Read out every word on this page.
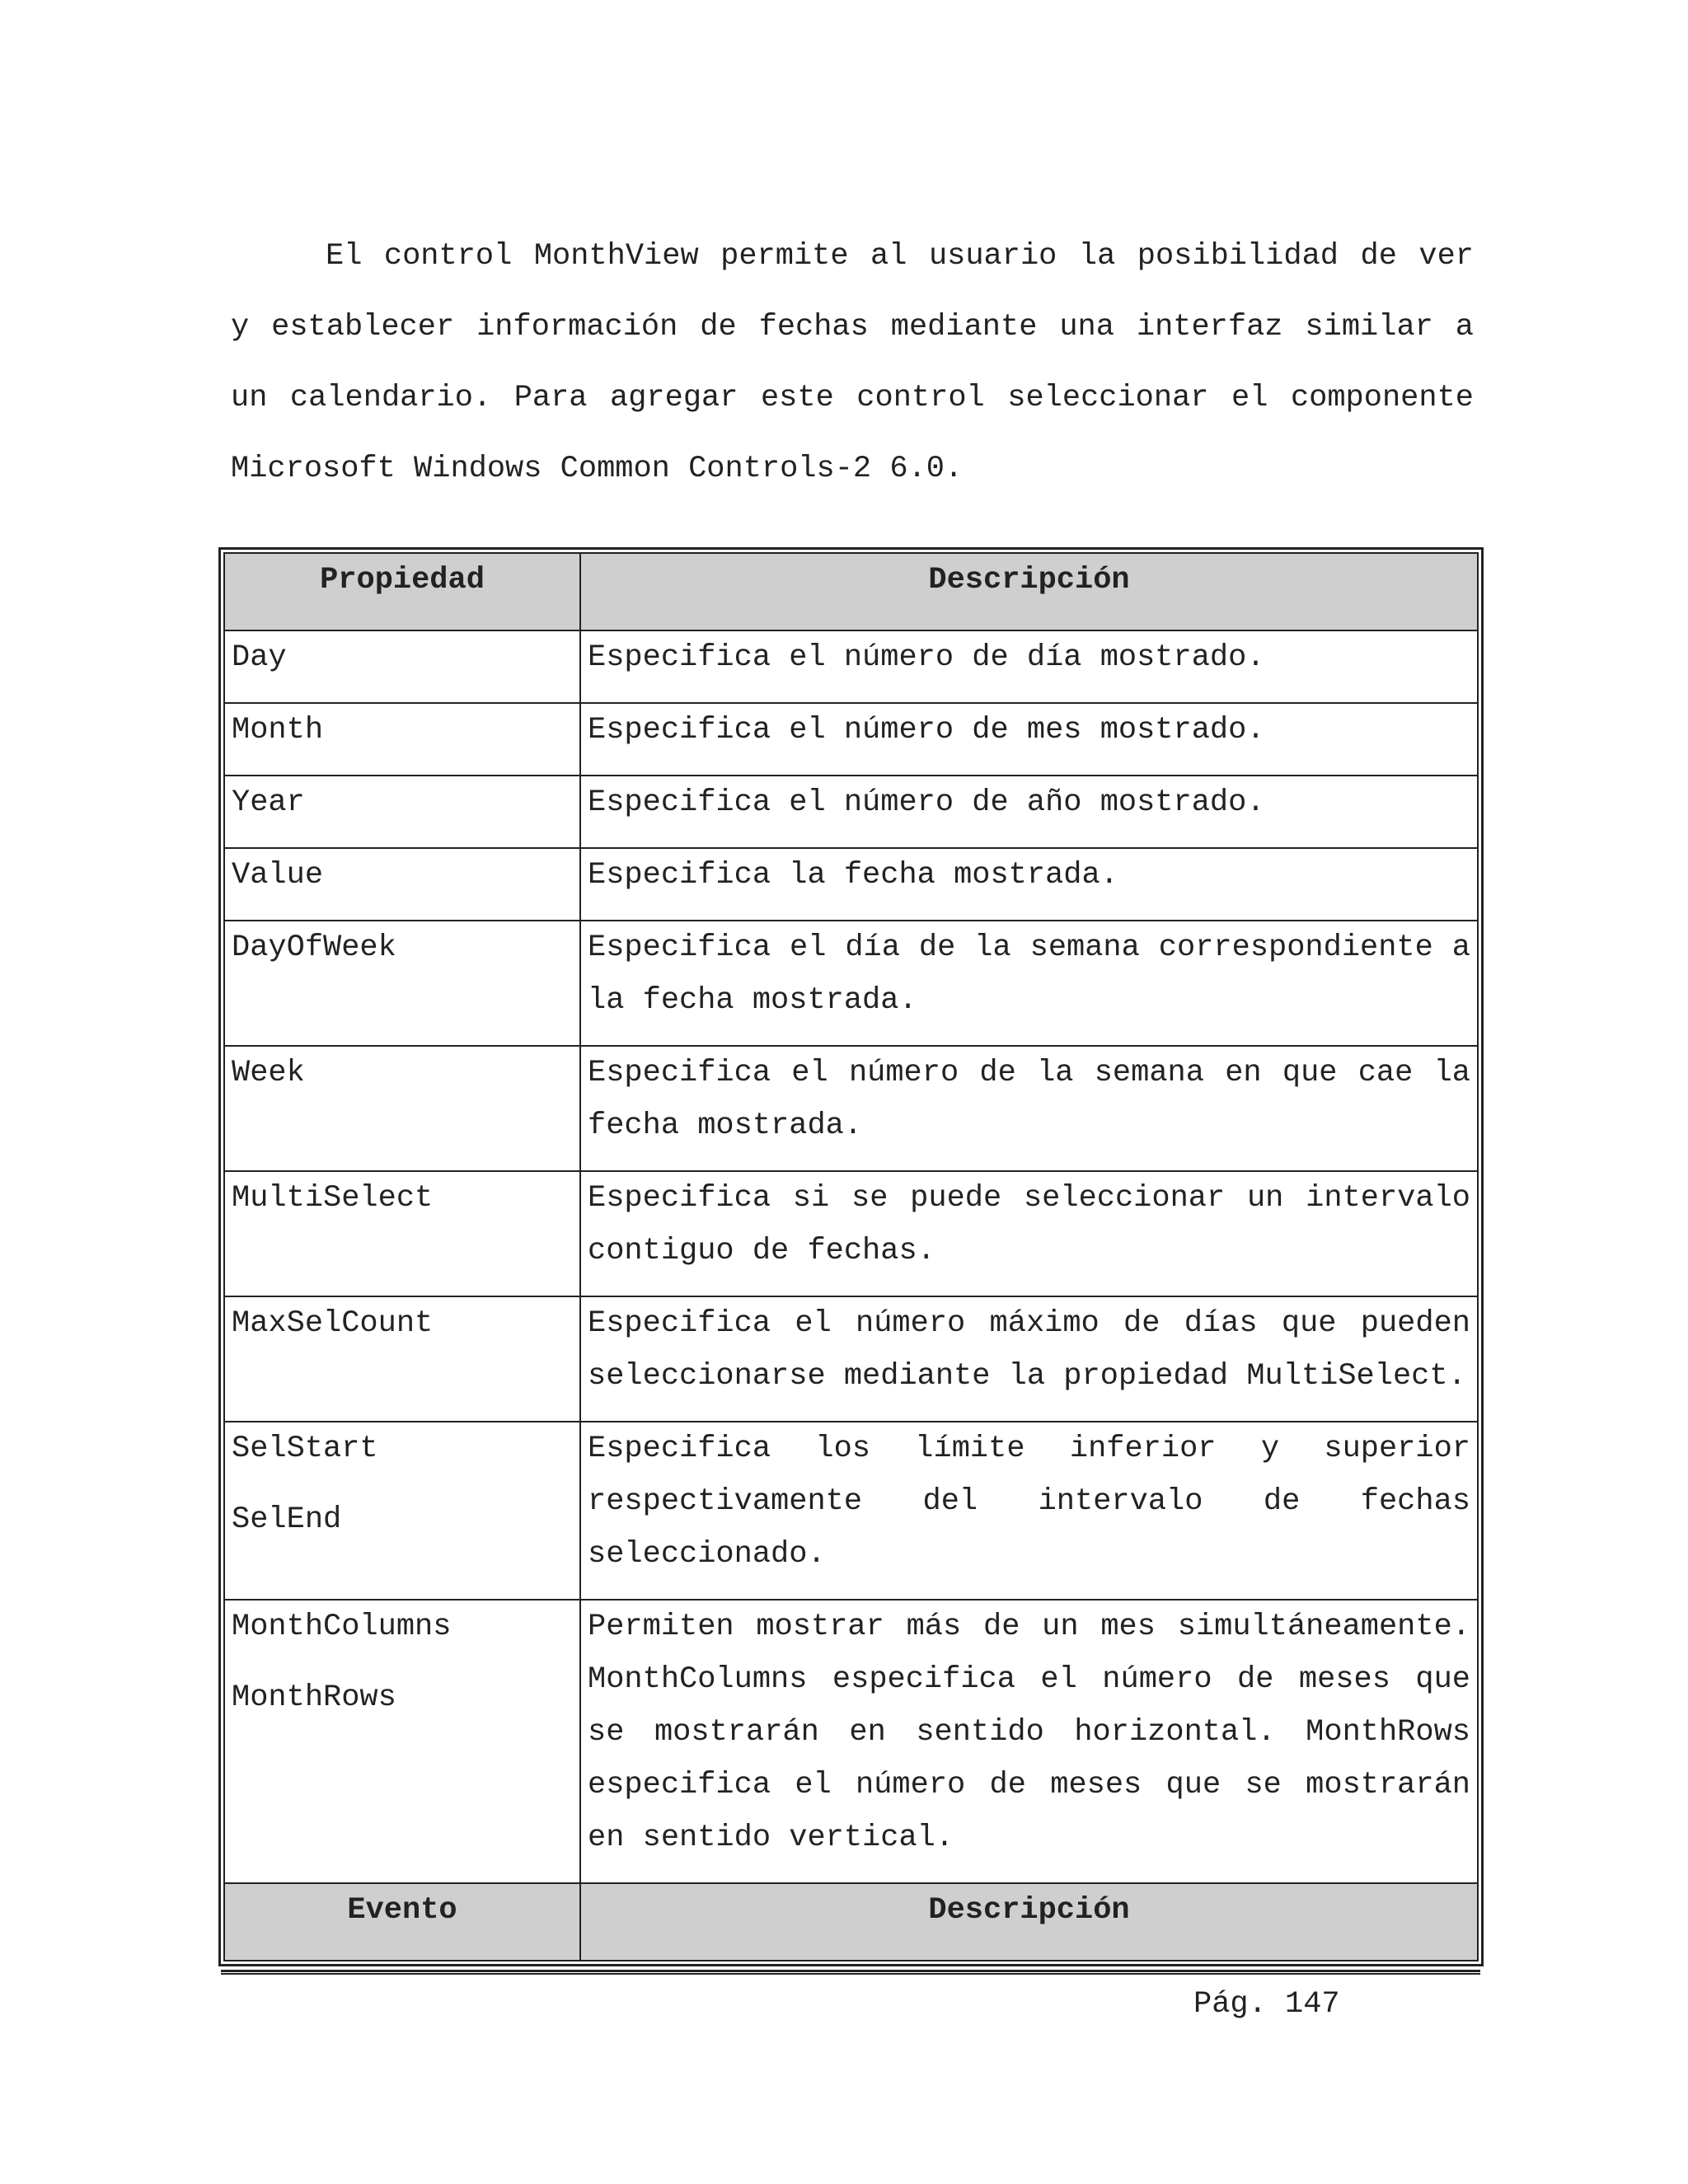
El control MonthView permite al usuario la posibilidad de ver y establecer información de fechas mediante una interfaz similar a un calendario. Para agregar este control seleccionar el componente Microsoft Windows Common Controls-2 6.0.

Propiedad	Descripción

Day	Especifica el número de día mostrado.

Month	Especifica el número de mes mostrado.

Year	Especifica el número de año mostrado.

Value	Especifica la fecha mostrada.

DayOfWeek	Especifica el día de la semana correspondiente a la fecha mostrada.

Week	Especifica el número de la semana en que cae la fecha mostrada.

MultiSelect	Especifica si se puede seleccionar un intervalo contiguo de fechas.

MaxSelCount	Especifica el número máximo de días que pueden seleccionarse mediante la propiedad MultiSelect.

SelStart
SelEnd	Especifica los límite inferior y superior respectivamente del intervalo de fechas seleccionado.

MonthColumns
MonthRows	Permiten mostrar más de un mes simultáneamente. MonthColumns especifica el número de meses que se mostrarán en sentido horizontal. MonthRows especifica el número de meses que se mostrarán en sentido vertical.
Evento	Descripción
Pág. 147
